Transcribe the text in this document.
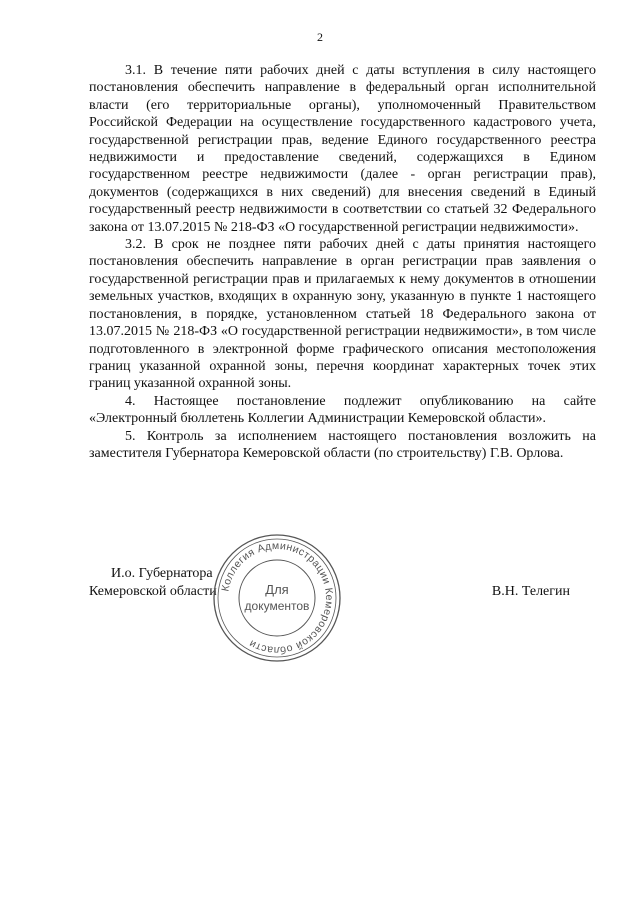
2

3.1. В течение пяти рабочих дней с даты вступления в силу настоящего постановления обеспечить направление в федеральный орган исполнительной власти (его территориальные органы), уполномоченный Правительством Российской Федерации на осуществление государственного кадастрового учета, государственной регистрации прав, ведение Единого государственного реестра недвижимости и предоставление сведений, содержащихся в Едином государственном реестре недвижимости (далее - орган регистрации прав), документов (содержащихся в них сведений) для внесения сведений в Единый государственный реестр недвижимости в соответствии со статьей 32 Федерального закона от 13.07.2015 № 218-ФЗ «О государственной регистрации недвижимости».

3.2. В срок не позднее пяти рабочих дней с даты принятия настоящего постановления обеспечить направление в орган регистрации прав заявления о государственной регистрации прав и прилагаемых к нему документов в отношении земельных участков, входящих в охранную зону, указанную в пункте 1 настоящего постановления, в порядке, установленном статьей 18 Федерального закона от 13.07.2015 № 218-ФЗ «О государственной регистрации недвижимости», в том числе подготовленного в электронной форме графического описания местоположения границ указанной охранной зоны, перечня координат характерных точек этих границ указанной охранной зоны.

4. Настоящее постановление подлежит опубликованию на сайте «Электронный бюллетень Коллегии Администрации Кемеровской области».

5. Контроль за исполнением настоящего постановления возложить на заместителя Губернатора Кемеровской области (по строительству) Г.В. Орлова.

И.о. Губернатора
Кемеровской области	В.Н. Телегин
Коллегия Администрации Кемеровской области
Для
документов
